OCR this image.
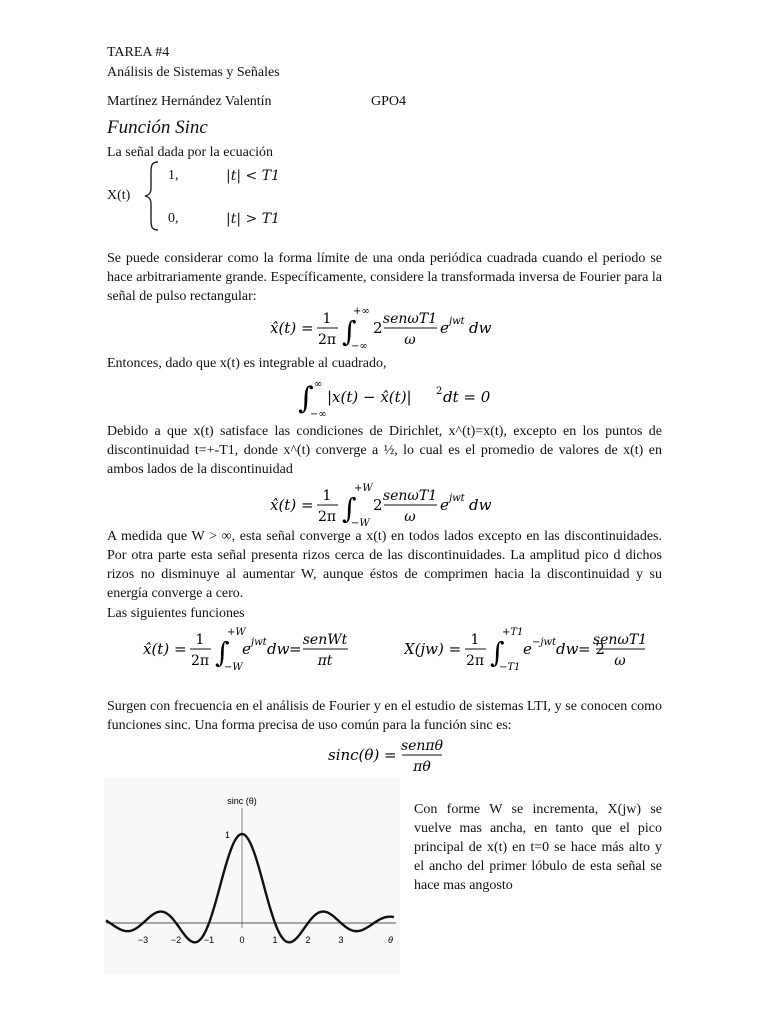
TAREA #4
Análisis de Sistemas y Señales
Martínez Hernández Valentín	GPO4
Función Sinc
La señal dada por la ecuación
X(t)
1,	|t| < T1
0,	|t| > T1
Se puede considerar como la forma límite de una onda periódica cuadrada cuando el periodo se hace arbitrariamente grande. Específicamente, considere la transformada inversa de Fourier para la señal de pulso rectangular:
x̂(t) = 1
2π ∫
+∞
−∞
2 senωT1
ω
e jwt dw
Entonces, dado que x(t) es integrable al cuadrado,
∫ ∞
−∞
|x(t) − x̂(t)| 2 dt = 0
Debido a que x(t) satisface las condiciones de Dirichlet, x^(t)=x(t), excepto en los puntos de discontinuidad t=+-T1, donde x^(t) converge a ½, lo cual es el promedio de valores de x(t) en ambos lados de la discontinuidad
x̂(t) = 1
2π ∫
+W
−W
2 senωT1
ω
e jwt dw
A medida que W > ∞, esta señal converge a x(t) en todos lados excepto en las discontinuidades. Por otra parte esta señal presenta rizos cerca de las discontinuidades. La amplitud pico d dichos rizos no disminuye al aumentar W, aunque éstos de comprimen hacia la discontinuidad y su energía converge a cero.
Las siguientes funciones
x̂(t) = 1
2π ∫
+W
−W
e jwt dw = senWt
πt
X(jw) = 1
2π ∫
+T1
−T1
e −jwt dw = 2
senωT1
ω
Surgen con frecuencia en el análisis de Fourier y en el estudio de sistemas LTI, y se conocen como funciones sinc. Una forma precisa de uso común para la función sinc es:
sinc(θ) = senπθ
πθ
sinc (θ)
1
−3	−2	−1	0	1	2	3	θ
Con forme W se incrementa, X(jw) se vuelve mas ancha, en tanto que el pico principal de x(t) en t=0 se hace más alto y el ancho del primer lóbulo de esta señal se hace mas angosto
